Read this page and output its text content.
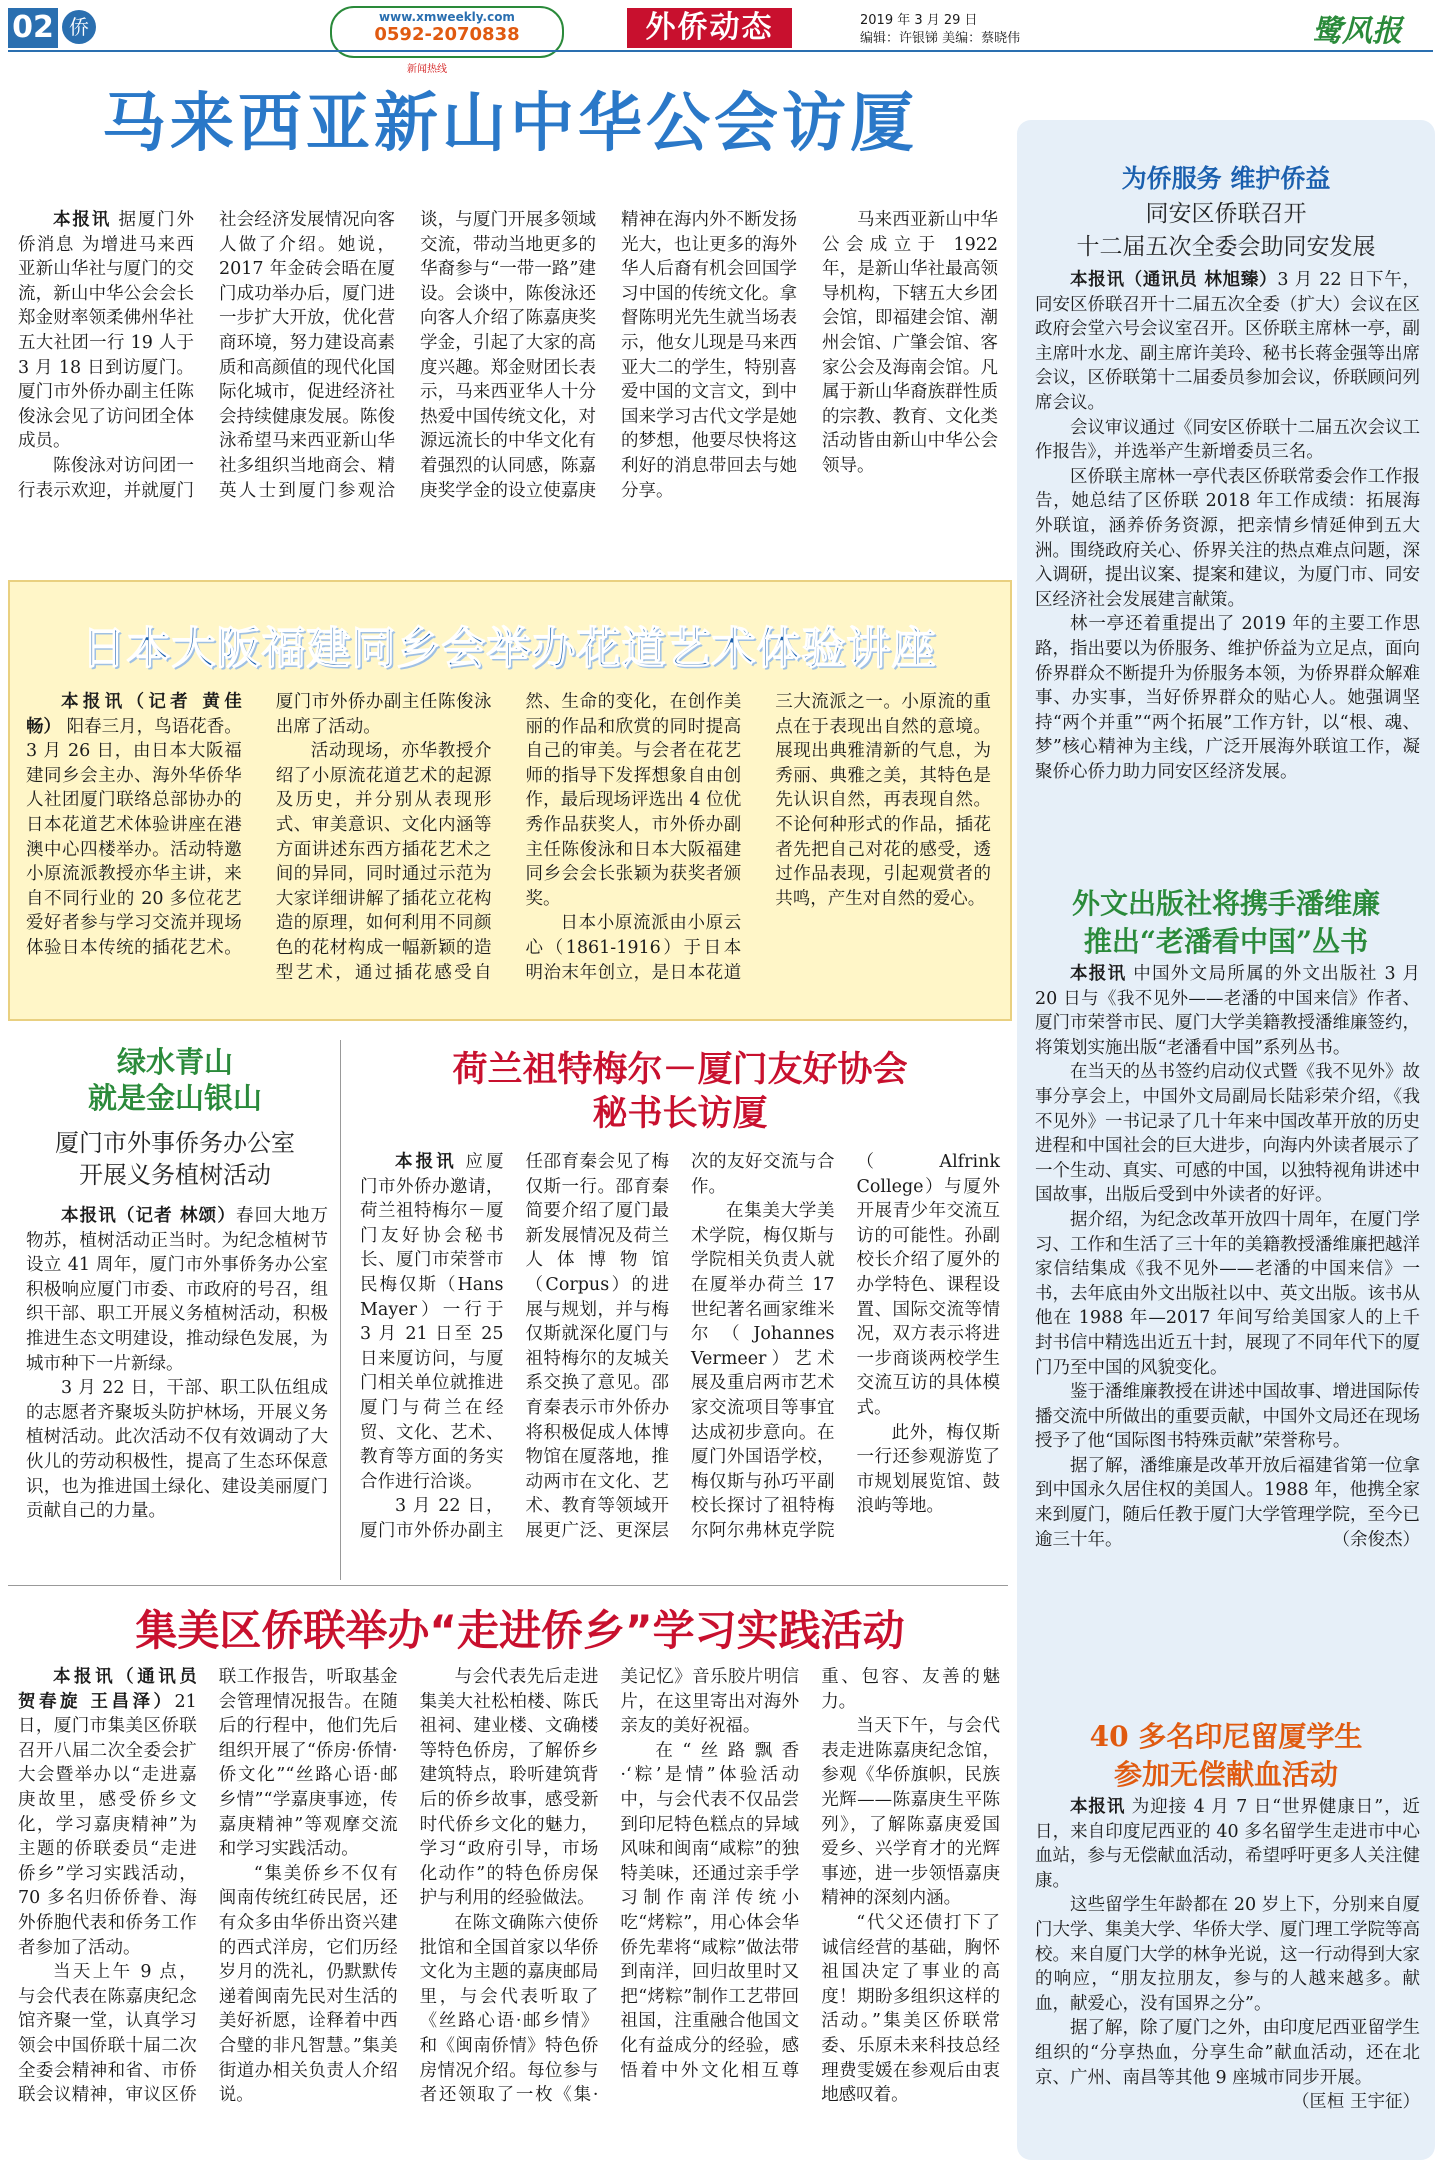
02 侨	www.xmweekly.com
0592-2070838
新闻热线
外侨动态	2019 年 3 月 29 日
编辑：许银锑 美编：蔡晓伟	鹭风报
马来西亚新山中华公会访厦

本报讯 据厦门外侨消息 为增进马来西亚新山华社与厦门的交流，新山中华公会会长郑金财率领柔佛州华社五大社团一行 19 人于 3 月 18 日到访厦门。厦门市外侨办副主任陈俊泳会见了访问团全体成员。

陈俊泳对访问团一行表示欢迎，并就厦门社会经济发展情况向客人做了介绍。她说，2017 年金砖会晤在厦门成功举办后，厦门进一步扩大开放，优化营商环境，努力建设高素质和高颜值的现代化国际化城市，促进经济社会持续健康发展。陈俊泳希望马来西亚新山华社多组织当地商会、精英人士到厦门参观洽谈，与厦门开展多领域交流，带动当地更多的华裔参与“一带一路”建设。会谈中，陈俊泳还向客人介绍了陈嘉庚奖学金，引起了大家的高度兴趣。郑金财团长表示，马来西亚华人十分热爱中国传统文化，对源远流长的中华文化有着强烈的认同感，陈嘉庚奖学金的设立使嘉庚精神在海内外不断发扬光大，也让更多的海外华人后裔有机会回国学习中国的传统文化。拿督陈明光先生就当场表示，他女儿现是马来西亚大二的学生，特别喜爱中国的文言文，到中国来学习古代文学是她的梦想，他要尽快将这利好的消息带回去与她分享。

马来西亚新山中华公会成立于 1922 年，是新山华社最高领导机构，下辖五大乡团会馆，即福建会馆、潮州会馆、广肇会馆、客家公会及海南会馆。凡属于新山华裔族群性质的宗教、教育、文化类活动皆由新山中华公会领导。

日本大阪福建同乡会举办花道艺术体验讲座

本报讯（记者 黄佳畅） 阳春三月，鸟语花香。3 月 26 日，由日本大阪福建同乡会主办、海外华侨华人社团厦门联络总部协办的日本花道艺术体验讲座在港澳中心四楼举办。活动特邀小原流派教授亦华主讲，来自不同行业的 20 多位花艺爱好者参与学习交流并现场体验日本传统的插花艺术。厦门市外侨办副主任陈俊泳出席了活动。

活动现场，亦华教授介绍了小原流花道艺术的起源及历史，并分别从表现形式、审美意识、文化内涵等方面讲述东西方插花艺术之间的异同，同时通过示范为大家详细讲解了插花立花构造的原理，如何利用不同颜色的花材构成一幅新颖的造型艺术，通过插花感受自然、生命的变化，在创作美丽的作品和欣赏的同时提高自己的审美。与会者在花艺师的指导下发挥想象自由创作，最后现场评选出 4 位优秀作品获奖人，市外侨办副主任陈俊泳和日本大阪福建同乡会会长张颖为获奖者颁奖。

日本小原流派由小原云心（1861-1916）于日本明治末年创立，是日本花道三大流派之一。小原流的重点在于表现出自然的意境。展现出典雅清新的气息，为秀丽、典雅之美，其特色是先认识自然，再表现自然。不论何种形式的作品，插花者先把自己对花的感受，透过作品表现，引起观赏者的共鸣，产生对自然的爱心。

绿水青山
就是金山银山
厦门市外事侨务办公室
开展义务植树活动

本报讯（记者 林颂）春回大地万物苏，植树活动正当时。为纪念植树节设立 41 周年，厦门市外事侨务办公室积极响应厦门市委、市政府的号召，组织干部、职工开展义务植树活动，积极推进生态文明建设，推动绿色发展，为城市种下一片新绿。

3 月 22 日，干部、职工队伍组成的志愿者齐聚坂头防护林场，开展义务植树活动。此次活动不仅有效调动了大伙儿的劳动积极性，提高了生态环保意识，也为推进国土绿化、建设美丽厦门贡献自己的力量。

荷兰祖特梅尔－厦门友好协会
秘书长访厦

本报讯 应厦门市外侨办邀请，荷兰祖特梅尔－厦门友好协会秘书长、厦门市荣誉市民梅仅斯（Hans Mayer）一行于 3 月 21 日至 25 日来厦访问，与厦门相关单位就推进厦门与荷兰在经贸、文化、艺术、教育等方面的务实合作进行洽谈。

3 月 22 日，厦门市外侨办副主任邵育秦会见了梅仅斯一行。邵育秦简要介绍了厦门最新发展情况及荷兰人体博物馆（Corpus）的进展与规划，并与梅仅斯就深化厦门与祖特梅尔的友城关系交换了意见。邵育秦表示市外侨办将积极促成人体博物馆在厦落地，推动两市在文化、艺术、教育等领域开展更广泛、更深层次的友好交流与合作。

在集美大学美术学院，梅仅斯与学院相关负责人就在厦举办荷兰 17 世纪著名画家维米尔（Johannes Vermeer）艺术展及重启两市艺术家交流项目等事宜达成初步意向。在厦门外国语学校，梅仅斯与孙巧平副校长探讨了祖特梅尔阿尔弗林克学院（Alfrink College）与厦外开展青少年交流互访的可能性。孙副校长介绍了厦外的办学特色、课程设置、国际交流等情况，双方表示将进一步商谈两校学生交流互访的具体模式。

此外，梅仅斯一行还参观游览了市规划展览馆、鼓浪屿等地。

集美区侨联举办“走进侨乡”学习实践活动

本报讯（通讯员 贺春旋 王昌泽）21 日，厦门市集美区侨联召开八届二次全委会扩大会暨举办以“走进嘉庚故里，感受侨乡文化，学习嘉庚精神”为主题的侨联委员“走进侨乡”学习实践活动，70 多名归侨侨眷、海外侨胞代表和侨务工作者参加了活动。

当天上午 9 点，与会代表在陈嘉庚纪念馆齐聚一堂，认真学习领会中国侨联十届二次全委会精神和省、市侨联会议精神，审议区侨联工作报告，听取基金会管理情况报告。在随后的行程中，他们先后组织开展了“侨房·侨情·侨文化”“丝路心语·邮乡情”“学嘉庚事迹，传嘉庚精神”等观摩交流和学习实践活动。

“集美侨乡不仅有闽南传统红砖民居，还有众多由华侨出资兴建的西式洋房，它们历经岁月的洗礼，仍默默传递着闽南先民对生活的美好祈愿，诠释着中西合璧的非凡智慧。”集美街道办相关负责人介绍说。

与会代表先后走进集美大社松柏楼、陈氏祖祠、建业楼、文确楼等特色侨房，了解侨乡建筑特点，聆听建筑背后的侨乡故事，感受新时代侨乡文化的魅力，学习“政府引导，市场化动作”的特色侨房保护与利用的经验做法。

在陈文确陈六使侨批馆和全国首家以华侨文化为主题的嘉庚邮局里，与会代表听取了《丝路心语·邮乡情》和《闽南侨情》特色侨房情况介绍。每位参与者还领取了一枚《集·美记忆》音乐胶片明信片，在这里寄出对海外亲友的美好祝福。

在“丝路飘香·‘粽’是情”体验活动中，与会代表不仅品尝到印尼特色糕点的异域风味和闽南“咸粽”的独特美味，还通过亲手学习制作南洋传统小吃“烤粽”，用心体会华侨先辈将“咸粽”做法带到南洋，回归故里时又把“烤粽”制作工艺带回祖国，注重融合他国文化有益成分的经验，感悟着中外文化相互尊重、包容、友善的魅力。

当天下午，与会代表走进陈嘉庚纪念馆，参观《华侨旗帜，民族光辉——陈嘉庚生平陈列》，了解陈嘉庚爱国爱乡、兴学育才的光辉事迹，进一步领悟嘉庚精神的深刻内涵。

“代父还债打下了诚信经营的基础，胸怀祖国决定了事业的高度！期盼多组织这样的活动。”集美区侨联常委、乐原未来科技总经理费雯媛在参观后由衷地感叹着。

为侨服务 维护侨益
同安区侨联召开
十二届五次全委会助同安发展

本报讯（通讯员 林旭臻）3 月 22 日下午，同安区侨联召开十二届五次全委（扩大）会议在区政府会堂六号会议室召开。区侨联主席林一亭，副主席叶水龙、副主席许美玲、秘书长蒋金强等出席会议，区侨联第十二届委员参加会议，侨联顾问列席会议。

会议审议通过《同安区侨联十二届五次会议工作报告》，并选举产生新增委员三名。

区侨联主席林一亭代表区侨联常委会作工作报告，她总结了区侨联 2018 年工作成绩：拓展海外联谊，涵养侨务资源，把亲情乡情延伸到五大洲。围绕政府关心、侨界关注的热点难点问题，深入调研，提出议案、提案和建议，为厦门市、同安区经济社会发展建言献策。

林一亭还着重提出了 2019 年的主要工作思路，指出要以为侨服务、维护侨益为立足点，面向侨界群众不断提升为侨服务本领，为侨界群众解难事、办实事，当好侨界群众的贴心人。她强调坚持“两个并重”“两个拓展”工作方针，以“根、魂、梦”核心精神为主线，广泛开展海外联谊工作，凝聚侨心侨力助力同安区经济发展。

外文出版社将携手潘维廉
推出“老潘看中国”丛书

本报讯 中国外文局所属的外文出版社 3 月 20 日与《我不见外——老潘的中国来信》作者、厦门市荣誉市民、厦门大学美籍教授潘维廉签约，将策划实施出版“老潘看中国”系列丛书。

在当天的丛书签约启动仪式暨《我不见外》故事分享会上，中国外文局副局长陆彩荣介绍，《我不见外》一书记录了几十年来中国改革开放的历史进程和中国社会的巨大进步，向海内外读者展示了一个生动、真实、可感的中国，以独特视角讲述中国故事，出版后受到中外读者的好评。

据介绍，为纪念改革开放四十周年，在厦门学习、工作和生活了三十年的美籍教授潘维廉把越洋家信结集成《我不见外——老潘的中国来信》一书，去年底由外文出版社以中、英文出版。该书从他在 1988 年—2017 年间写给美国家人的上千封书信中精选出近五十封，展现了不同年代下的厦门乃至中国的风貌变化。

鉴于潘维廉教授在讲述中国故事、增进国际传播交流中所做出的重要贡献，中国外文局还在现场授予了他“国际图书特殊贡献”荣誉称号。

据了解，潘维廉是改革开放后福建省第一位拿到中国永久居住权的美国人。1988 年，他携全家来到厦门，随后任教于厦门大学管理学院，至今已逾三十年。	（余俊杰）

40 多名印尼留厦学生
参加无偿献血活动

本报讯 为迎接 4 月 7 日“世界健康日”，近日，来自印度尼西亚的 40 多名留学生走进市中心血站，参与无偿献血活动，希望呼吁更多人关注健康。

这些留学生年龄都在 20 岁上下，分别来自厦门大学、集美大学、华侨大学、厦门理工学院等高校。来自厦门大学的林争光说，这一行动得到大家的响应，“朋友拉朋友，参与的人越来越多。献血，献爱心，没有国界之分”。

据了解，除了厦门之外，由印度尼西亚留学生组织的“分享热血，分享生命”献血活动，还在北京、广州、南昌等其他 9 座城市同步开展。
（匡桓 王宇征）
